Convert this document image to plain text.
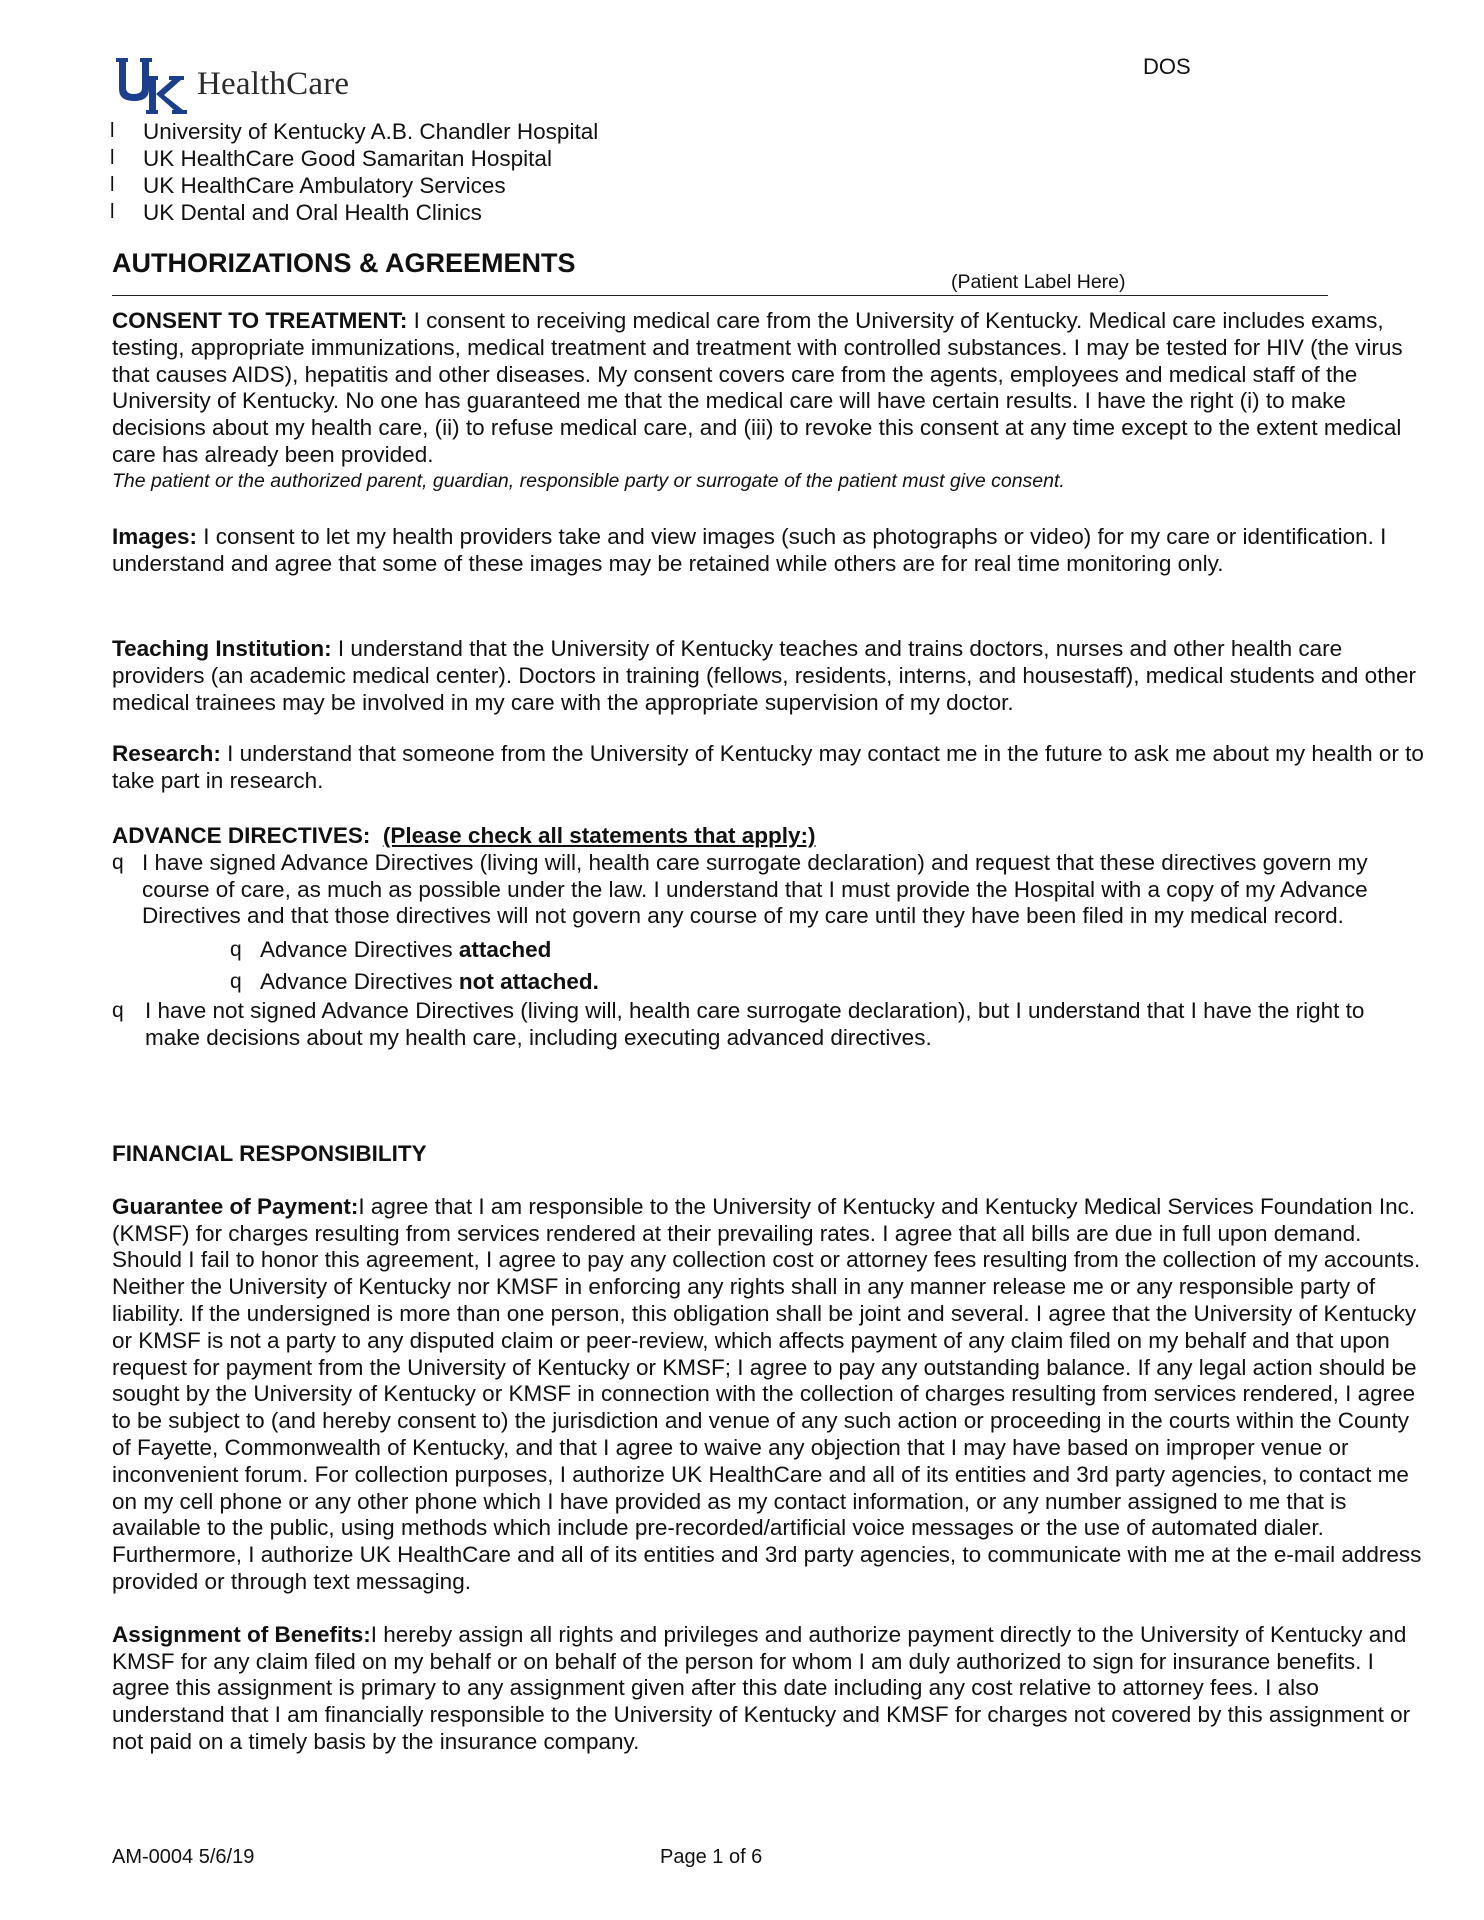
HealthCare	DOS
l	University of Kentucky A.B. Chandler Hospital
l	UK HealthCare Good Samaritan Hospital
l	UK HealthCare Ambulatory Services
l	UK Dental and Oral Health Clinics
AUTHORIZATIONS & AGREEMENTS
(Patient Label Here)

CONSENT TO TREATMENT: I consent to receiving medical care from the University of Kentucky. Medical care includes exams, testing, appropriate immunizations, medical treatment and treatment with controlled substances. I may be tested for HIV (the virus that causes AIDS), hepatitis and other diseases. My consent covers care from the agents, employees and medical staff of the University of Kentucky. No one has guaranteed me that the medical care will have certain results. I have the right (i) to make decisions about my health care, (ii) to refuse medical care, and (iii) to revoke this consent at any time except to the extent medical care has already been provided.

The patient or the authorized parent, guardian, responsible party or surrogate of the patient must give consent.

Images: I consent to let my health providers take and view images (such as photographs or video) for my care or identification. I understand and agree that some of these images may be retained while others are for real time monitoring only.

Teaching Institution: I understand that the University of Kentucky teaches and trains doctors, nurses and other health care providers (an academic medical center). Doctors in training (fellows, residents, interns, and housestaff), medical students and other medical trainees may be involved in my care with the appropriate supervision of my doctor.

Research: I understand that someone from the University of Kentucky may contact me in the future to ask me about my health or to take part in research.

ADVANCE DIRECTIVES: (Please check all statements that apply:)

q I have signed Advance Directives (living will, health care surrogate declaration) and request that these directives govern my course of care, as much as possible under the law. I understand that I must provide the Hospital with a copy of my Advance Directives and that those directives will not govern any course of my care until they have been filed in my medical record.
q Advance Directives attached
q Advance Directives not attached.
q I have not signed Advance Directives (living will, health care surrogate declaration), but I understand that I have the right to make decisions about my health care, including executing advanced directives.

FINANCIAL RESPONSIBILITY

Guarantee of Payment:I agree that I am responsible to the University of Kentucky and Kentucky Medical Services Foundation Inc. (KMSF) for charges resulting from services rendered at their prevailing rates. I agree that all bills are due in full upon demand. Should I fail to honor this agreement, I agree to pay any collection cost or attorney fees resulting from the collection of my accounts. Neither the University of Kentucky nor KMSF in enforcing any rights shall in any manner release me or any responsible party of liability. If the undersigned is more than one person, this obligation shall be joint and several. I agree that the University of Kentucky or KMSF is not a party to any disputed claim or peer-review, which affects payment of any claim filed on my behalf and that upon request for payment from the University of Kentucky or KMSF; I agree to pay any outstanding balance. If any legal action should be sought by the University of Kentucky or KMSF in connection with the collection of charges resulting from services rendered, I agree to be subject to (and hereby consent to) the jurisdiction and venue of any such action or proceeding in the courts within the County of Fayette, Commonwealth of Kentucky, and that I agree to waive any objection that I may have based on improper venue or inconvenient forum. For collection purposes, I authorize UK HealthCare and all of its entities and 3rd party agencies, to contact me on my cell phone or any other phone which I have provided as my contact information, or any number assigned to me that is available to the public, using methods which include pre-recorded/artificial voice messages or the use of automated dialer. Furthermore, I authorize UK HealthCare and all of its entities and 3rd party agencies, to communicate with me at the e-mail address provided or through text messaging.

Assignment of Benefits:I hereby assign all rights and privileges and authorize payment directly to the University of Kentucky and KMSF for any claim filed on my behalf or on behalf of the person for whom I am duly authorized to sign for insurance benefits. I agree this assignment is primary to any assignment given after this date including any cost relative to attorney fees. I also understand that I am financially responsible to the University of Kentucky and KMSF for charges not covered by this assignment or not paid on a timely basis by the insurance company.

AM-0004 5/6/19	Page 1 of 6
